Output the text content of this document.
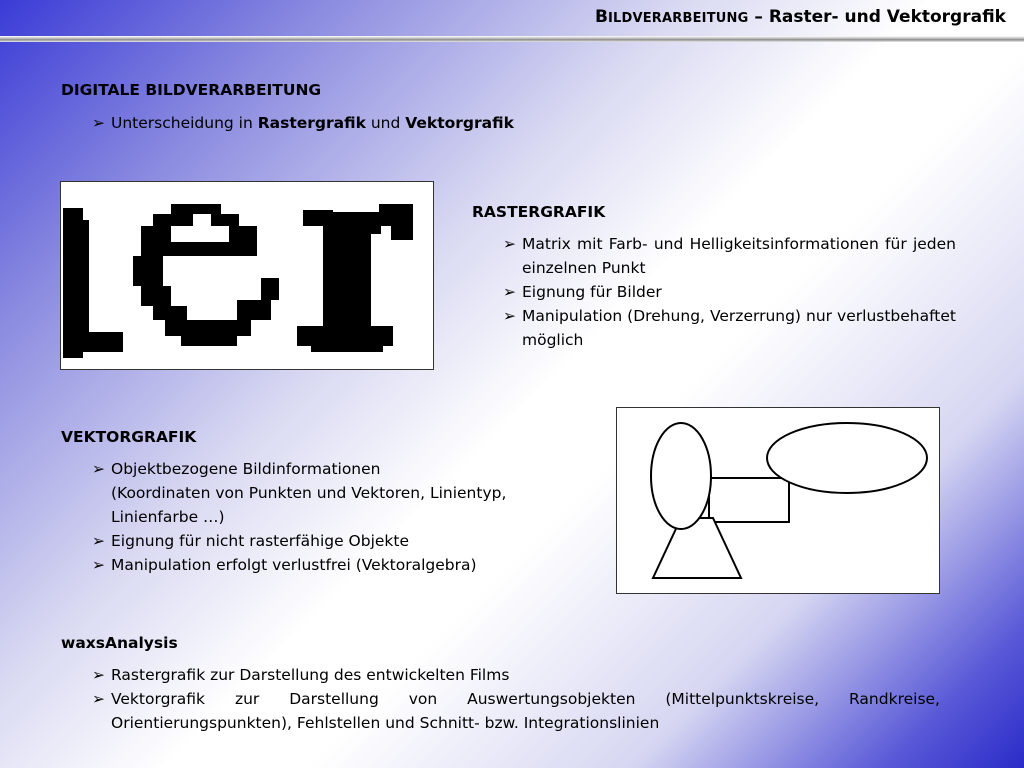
BILDVERARBEITUNG – Raster- und Vektorgrafik
DIGITALE BILDVERARBEITUNG
➢ Unterscheidung in Rastergrafik und Vektorgrafik
RASTERGRAFIK
➢ Matrix mit Farb- und Helligkeitsinformationen für jeden einzelnen Punkt
➢ Eignung für Bilder
➢ Manipulation (Drehung, Verzerrung) nur verlustbehaftet möglich
VEKTORGRAFIK
➢ Objektbezogene Bildinformationen
(Koordinaten von Punkten und Vektoren, Linientyp, Linienfarbe …)
➢ Eignung für nicht rasterfähige Objekte
➢ Manipulation erfolgt verlustfrei (Vektoralgebra)
waxsAnalysis
➢ Rastergrafik zur Darstellung des entwickelten Films
➢ Vektorgrafik zur Darstellung von Auswertungsobjekten (Mittelpunktskreise, Randkreise, Orientierungspunkten), Fehlstellen und Schnitt- bzw. Integrationslinien
